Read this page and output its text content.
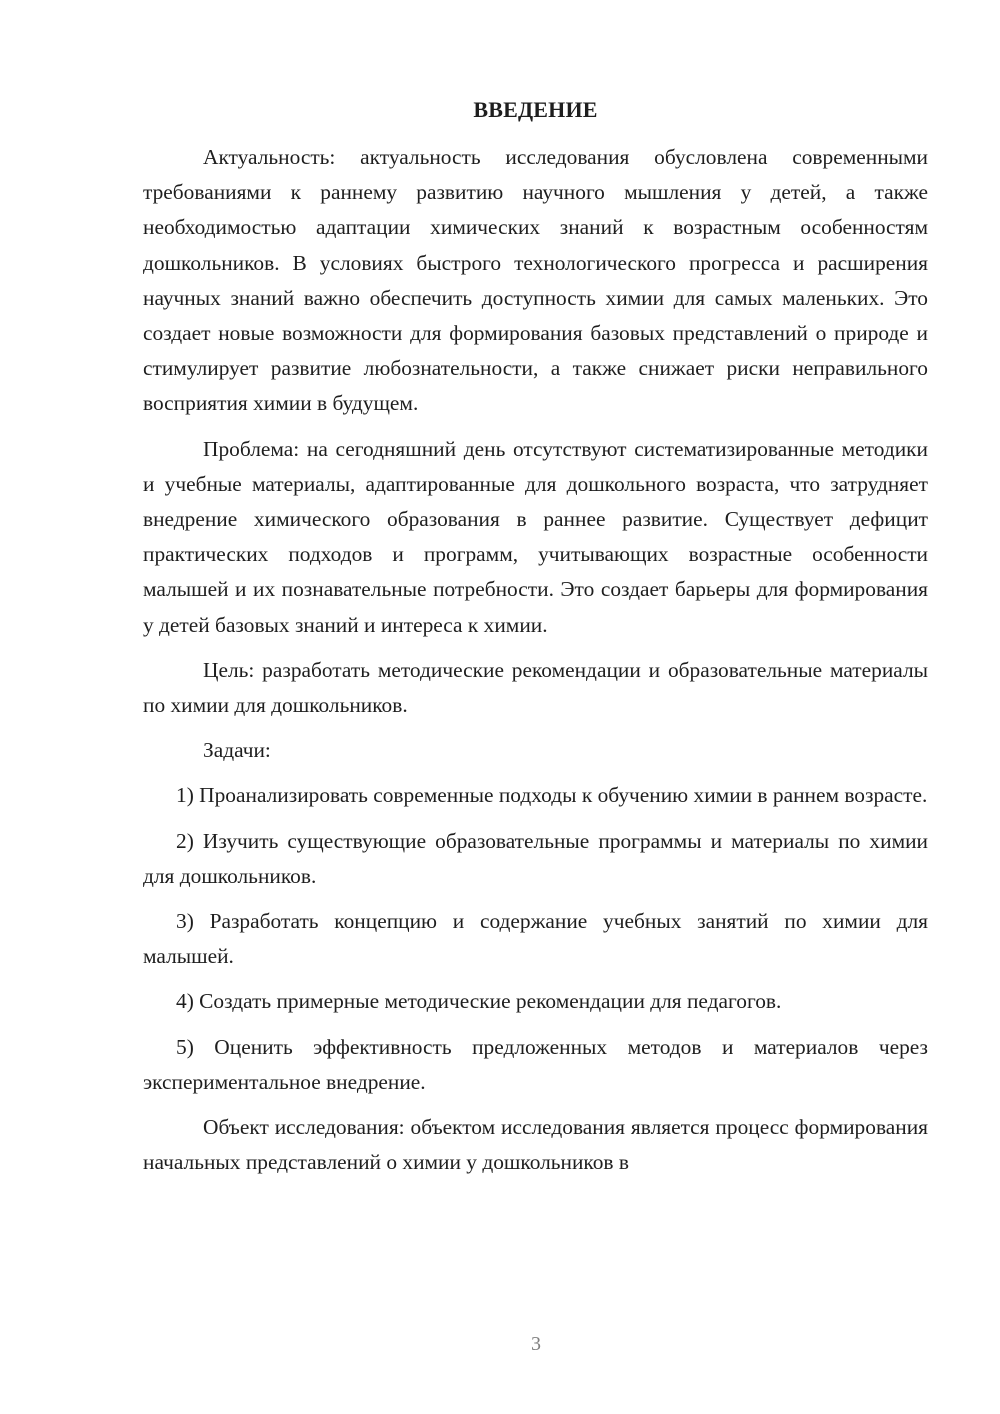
ВВЕДЕНИЕ

Актуальность: актуальность исследования обусловлена современными требованиями к раннему развитию научного мышления у детей, а также необходимостью адаптации химических знаний к возрастным особенностям дошкольников. В условиях быстрого технологического прогресса и расширения научных знаний важно обеспечить доступность химии для самых маленьких. Это создает новые возможности для формирования базовых представлений о природе и стимулирует развитие любознательности, а также снижает риски неправильного восприятия химии в будущем.

Проблема: на сегодняшний день отсутствуют систематизированные методики и учебные материалы, адаптированные для дошкольного возраста, что затрудняет внедрение химического образования в раннее развитие. Существует дефицит практических подходов и программ, учитывающих возрастные особенности малышей и их познавательные потребности. Это создает барьеры для формирования у детей базовых знаний и интереса к химии.

Цель: разработать методические рекомендации и образовательные материалы по химии для дошкольников.

Задачи:

1) Проанализировать современные подходы к обучению химии в раннем возрасте.

2) Изучить существующие образовательные программы и материалы по химии для дошкольников.

3) Разработать концепцию и содержание учебных занятий по химии для малышей.

4) Создать примерные методические рекомендации для педагогов.

5) Оценить эффективность предложенных методов и материалов через экспериментальное внедрение.

Объект исследования: объектом исследования является процесс формирования начальных представлений о химии у дошкольников в

3
